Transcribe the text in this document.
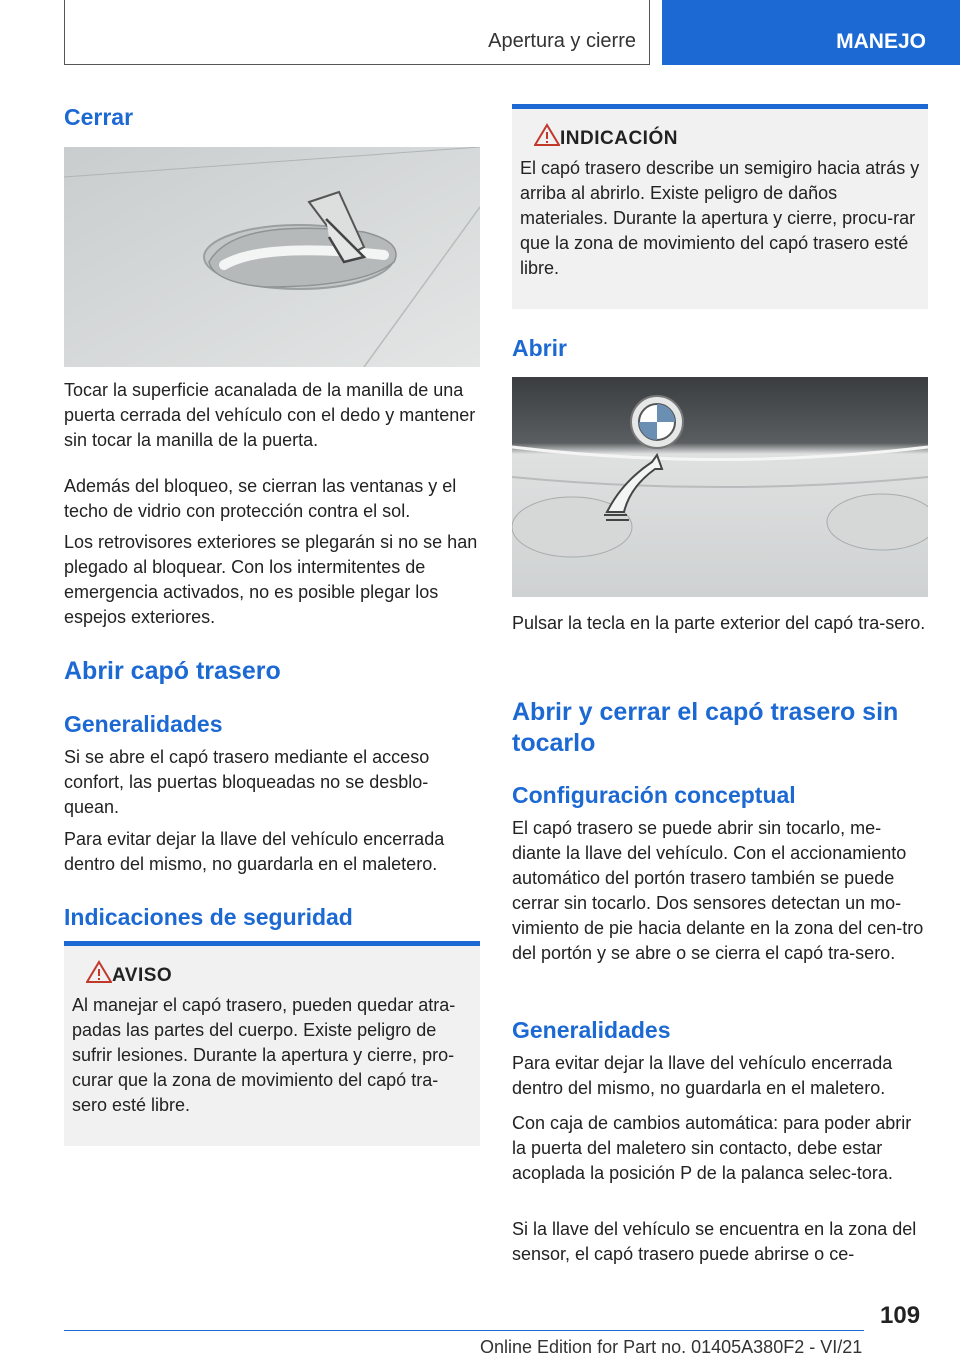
Apertura y cierre	MANEJO
Cerrar

Tocar la superficie acanalada de la manilla de una puerta cerrada del vehículo con el dedo y mantener sin tocar la manilla de la puerta.

Además del bloqueo, se cierran las ventanas y el techo de vidrio con protección contra el sol.

Los retrovisores exteriores se plegarán si no se han plegado al bloquear. Con los intermitentes de emergencia activados, no es posible plegar los espejos exteriores.

Abrir capó trasero
Generalidades

Si se abre el capó trasero mediante el acceso confort, las puertas bloqueadas no se desblo‐quean.

Para evitar dejar la llave del vehículo encerrada dentro del mismo, no guardarla en el maletero.

Indicaciones de seguridad
AVISO

Al manejar el capó trasero, pueden quedar atra‐padas las partes del cuerpo. Existe peligro de sufrir lesiones. Durante la apertura y cierre, pro‐curar que la zona de movimiento del capó tra‐sero esté libre.

INDICACIÓN

El capó trasero describe un semigiro hacia atrás y arriba al abrirlo. Existe peligro de daños materiales. Durante la apertura y cierre, procu‐rar que la zona de movimiento del capó trasero esté libre.

Abrir

Pulsar la tecla en la parte exterior del capó tra‐sero.

Abrir y cerrar el capó trasero sin tocarlo
Configuración conceptual

El capó trasero se puede abrir sin tocarlo, me‐diante la llave del vehículo. Con el accionamiento automático del portón trasero también se puede cerrar sin tocarlo. Dos sensores detectan un mo‐vimiento de pie hacia delante en la zona del cen‐tro del portón y se abre o se cierra el capó tra‐sero.

Generalidades

Para evitar dejar la llave del vehículo encerrada dentro del mismo, no guardarla en el maletero.

Con caja de cambios automática: para poder abrir la puerta del maletero sin contacto, debe estar acoplada la posición P de la palanca selec‐tora.

Si la llave del vehículo se encuentra en la zona del sensor, el capó trasero puede abrirse o ce‐

109
Online Edition for Part no. 01405A380F2 - VI/21
